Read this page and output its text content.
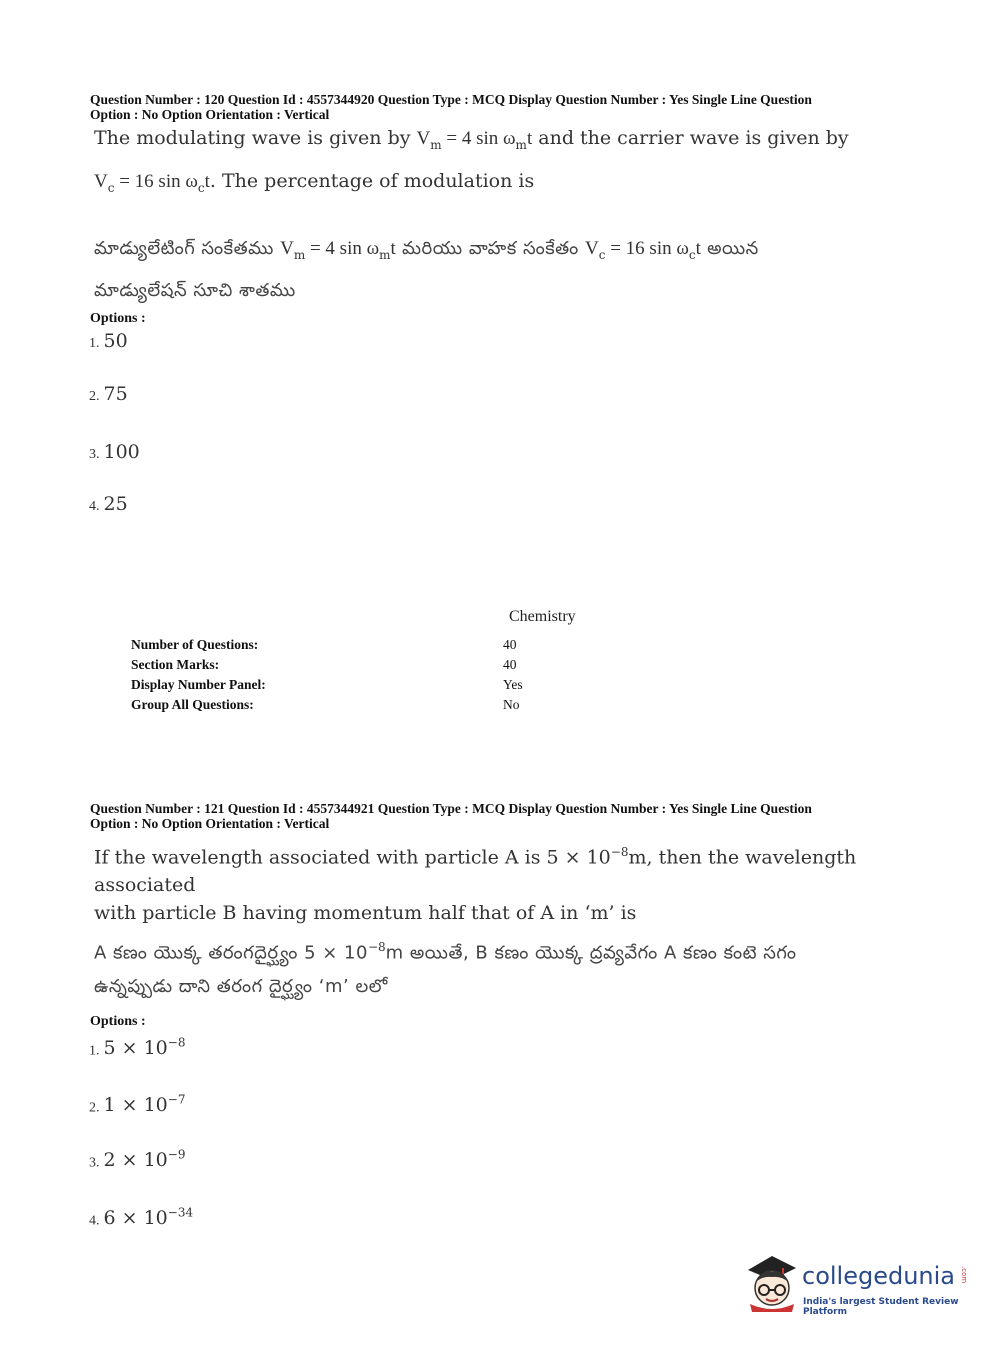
Question Number : 120 Question Id : 4557344920 Question Type : MCQ Display Question Number : Yes Single Line Question
Option : No Option Orientation : Vertical
The modulating wave is given by $V_m = 4$ $\sin \omega_mt$ and the carrier wave is given by
$V_c = 16$ $\sin \omega_ct$. The percentage of modulation is
మాడ్యులేటింగ్ సంకేతము $V_m = 4$ $\sin \omega_mt$ మరియు వాహక సంకేతం $V_c = 16$ $\sin \omega_ct$ అయిన
మాడ్యులేషన్ సూచి శాతము
Options :
1. 50
2. 75
3. 100
4. 25
Chemistry
Number of Questions:	40
Section Marks:	40
Display Number Panel:	Yes
Group All Questions:	No
Question Number : 121 Question Id : 4557344921 Question Type : MCQ Display Question Number : Yes Single Line Question
Option : No Option Orientation : Vertical
If the wavelength associated with particle A is $5 \times 10^{-8}m$, then the wavelength associated
with particle B having momentum half that of A in ‘m’ is
A కణం యొక్క తరంగదైర్ఘ్యం $5 \times 10^{-8}m$ అయితే, B కణం యొక్క ద్రవ్యవేగం A కణం కంటె సగం
ఉన్నప్పుడు దాని తరంగ దైర్ఘ్యం ‘m’ లలో
Options :
1. $5 \times 10^{-8}$
2. $1 \times 10^{-7}$
3. $2 \times 10^{-9}$
4. $6 \times 10^{-34}$
collegedunia .com
India's largest Student Review Platform
